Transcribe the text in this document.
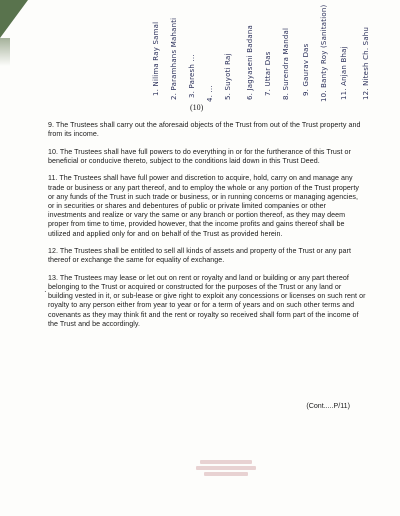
1. Nilima Ray Samal 2. Paramhans Mahanti 3. Paresh ... 4. ... 5. Suyoti Raj 6. Jagyaseni Badana 7. Uttar Das 8. Surendra Mandal 9. Gaurav Das 10. Banty Roy (Sanitation) 11. Anjan Bhaj 12. Nitesh Ch. Sahu
(10)
·

9. The Trustees shall carry out the aforesaid objects of the Trust from out of the Trust property and from its income.

10. The Trustees shall have full powers to do everything in or for the furtherance of this Trust or beneficial or conducive thereto, subject to the conditions laid down in this Trust Deed.

11. The Trustees shall have full power and discretion to acquire, hold, carry on and manage any trade or business or any part thereof, and to employ the whole or any portion of the Trust property or any funds of the Trust in such trade or business, or in running concerns or managing agencies, or in securities or shares and debentures of public or private limited companies or other investments and realize or vary the same or any branch or portion thereof, as they may deem proper from time to time, provided however, that the income profits and gains thereof shall be utilized and applied only for and on behalf of the Trust as provided herein.

12. The Trustees shall be entitled to sell all kinds of assets and property of the Trust or any part thereof or exchange the same for equality of exchange.

13. The Trustees may lease or let out on rent or royalty and land or building or any part thereof belonging to the Trust or acquired or constructed for the purposes of the Trust or any land or building vested in it, or sub-lease or give right to exploit any concessions or licenses on such rent or royalty to any person either from year to year or for a term of years and on such other terms and covenants as they may think fit and the rent or royalty so received shall form part of the income of the Trust and be accordingly.

(Cont.....P/11)
